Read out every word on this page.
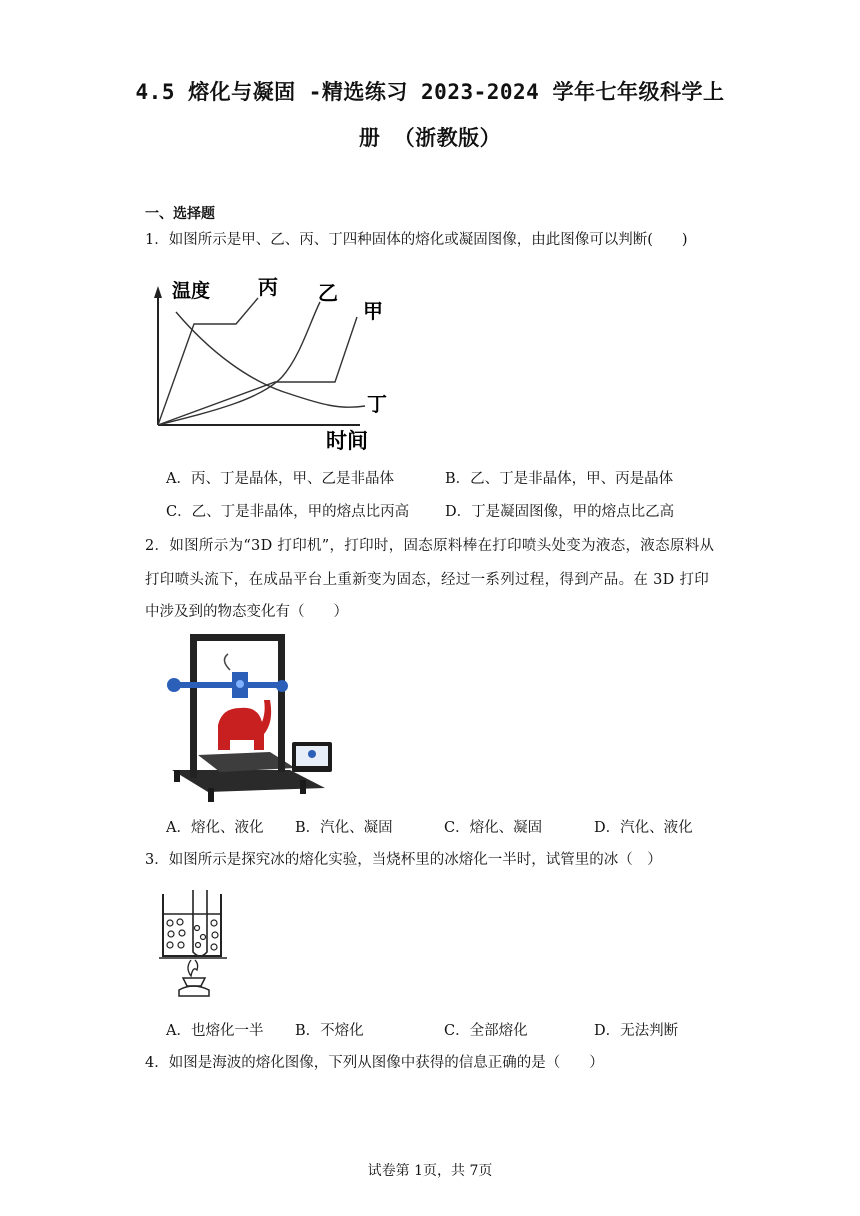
4.5 熔化与凝固 -精选练习 2023-2024 学年七年级科学上
册 （浙教版）
一、选择题
1．如图所示是甲、乙、丙、丁四种固体的熔化或凝固图像，由此图像可以判断(　　)
温度 丙 乙
甲
丁
时间
A．丙、丁是晶体，甲、乙是非晶体	B．乙、丁是非晶体，甲、丙是晶体
C．乙、丁是非晶体，甲的熔点比丙高 D．丁是凝固图像，甲的熔点比乙高
2．如图所示为“3D 打印机”，打印时，固态原料棒在打印喷头处变为液态，液态原料从
打印喷头流下，在成品平台上重新变为固态，经过一系列过程，得到产品。在 3D 打印
中涉及到的物态变化有（　　）
A．熔化、液化 B．汽化、凝固	C．熔化、凝固	D．汽化、液化
3．如图所示是探究冰的熔化实验，当烧杯里的冰熔化一半时，试管里的冰（　）
A．也熔化一半 B．不熔化	C．全部熔化	D．无法判断
4．如图是海波的熔化图像，下列从图像中获得的信息正确的是（　　）
试卷第 1页，共 7页
